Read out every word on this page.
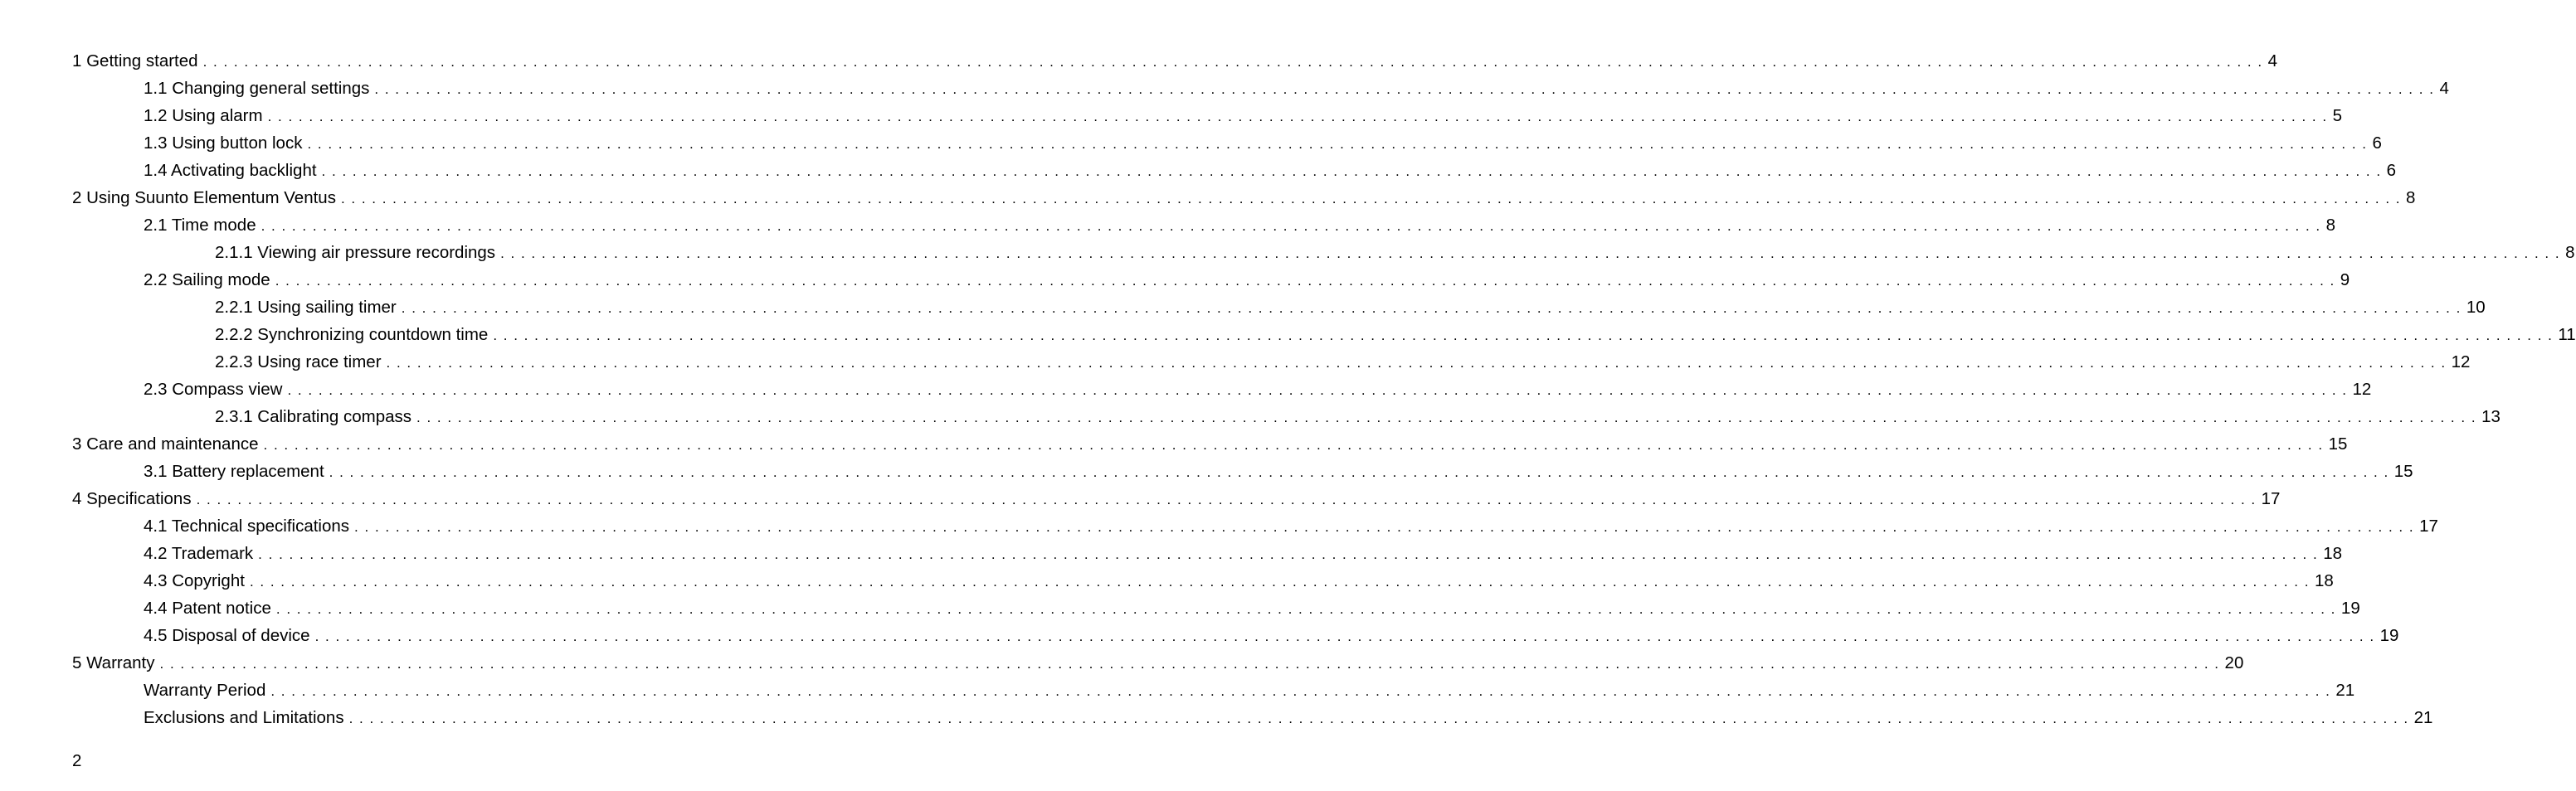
1 Getting started . . . . . . . . . . . . . . . . . . . . . . . . . . . . . . . . . . . . . . . . . . . . . . . . . . . . . . . . . . . . . . . . . . . . . . . . . . . . . . . . . . . . . . . . . . . . . . . . . . . . . . . . . . . . . . . . . . . . . . . . . . . . . . . . . . . . . . . . . . . . . . . . . . . . . . . . . . . . . . . . . . . . . . . . . . . . . . . . . . . . . . . . . . . . . . . . . . . . . . . . 4
1.1 Changing general settings . . . . . . . . . . . . . . . . . . . . . . . . . . . . . . . . . . . . . . . . . . . . . . . . . . . . . . . . . . . . . . . . . . . . . . . . . . . . . . . . . . . . . . . . . . . . . . . . . . . . . . . . . . . . . . . . . . . . . . . . . . . . . . . . . . . . . . . . . . . . . . . . . . . . . . . . . . . . . . . . . . . . . . . . . . . . . . . . . . . . . . . . . . . . . . . . . . . . . . . . 4
1.2 Using alarm . . . . . . . . . . . . . . . . . . . . . . . . . . . . . . . . . . . . . . . . . . . . . . . . . . . . . . . . . . . . . . . . . . . . . . . . . . . . . . . . . . . . . . . . . . . . . . . . . . . . . . . . . . . . . . . . . . . . . . . . . . . . . . . . . . . . . . . . . . . . . . . . . . . . . . . . . . . . . . . . . . . . . . . . . . . . . . . . . . . . . . . . . . . . . . . . . . . . . . . . 5
1.3 Using button lock . . . . . . . . . . . . . . . . . . . . . . . . . . . . . . . . . . . . . . . . . . . . . . . . . . . . . . . . . . . . . . . . . . . . . . . . . . . . . . . . . . . . . . . . . . . . . . . . . . . . . . . . . . . . . . . . . . . . . . . . . . . . . . . . . . . . . . . . . . . . . . . . . . . . . . . . . . . . . . . . . . . . . . . . . . . . . . . . . . . . . . . . . . . . . . . . . . . . . . . . 6
1.4 Activating backlight . . . . . . . . . . . . . . . . . . . . . . . . . . . . . . . . . . . . . . . . . . . . . . . . . . . . . . . . . . . . . . . . . . . . . . . . . . . . . . . . . . . . . . . . . . . . . . . . . . . . . . . . . . . . . . . . . . . . . . . . . . . . . . . . . . . . . . . . . . . . . . . . . . . . . . . . . . . . . . . . . . . . . . . . . . . . . . . . . . . . . . . . . . . . . . . . . . . . . . . . 6
2 Using Suunto Elementum Ventus . . . . . . . . . . . . . . . . . . . . . . . . . . . . . . . . . . . . . . . . . . . . . . . . . . . . . . . . . . . . . . . . . . . . . . . . . . . . . . . . . . . . . . . . . . . . . . . . . . . . . . . . . . . . . . . . . . . . . . . . . . . . . . . . . . . . . . . . . . . . . . . . . . . . . . . . . . . . . . . . . . . . . . . . . . . . . . . . . . . . . . . . . . . . . . . . . . . . . . . . 8
2.1 Time mode . . . . . . . . . . . . . . . . . . . . . . . . . . . . . . . . . . . . . . . . . . . . . . . . . . . . . . . . . . . . . . . . . . . . . . . . . . . . . . . . . . . . . . . . . . . . . . . . . . . . . . . . . . . . . . . . . . . . . . . . . . . . . . . . . . . . . . . . . . . . . . . . . . . . . . . . . . . . . . . . . . . . . . . . . . . . . . . . . . . . . . . . . . . . . . . . . . . . . . . . 8
2.1.1 Viewing air pressure recordings . . . . . . . . . . . . . . . . . . . . . . . . . . . . . . . . . . . . . . . . . . . . . . . . . . . . . . . . . . . . . . . . . . . . . . . . . . . . . . . . . . . . . . . . . . . . . . . . . . . . . . . . . . . . . . . . . . . . . . . . . . . . . . . . . . . . . . . . . . . . . . . . . . . . . . . . . . . . . . . . . . . . . . . . . . . . . . . . . . . . . . . . . . . . . . . . . . . . . . . . 8
2.2 Sailing mode . . . . . . . . . . . . . . . . . . . . . . . . . . . . . . . . . . . . . . . . . . . . . . . . . . . . . . . . . . . . . . . . . . . . . . . . . . . . . . . . . . . . . . . . . . . . . . . . . . . . . . . . . . . . . . . . . . . . . . . . . . . . . . . . . . . . . . . . . . . . . . . . . . . . . . . . . . . . . . . . . . . . . . . . . . . . . . . . . . . . . . . . . . . . . . . . . . . . . . . . 9
2.2.1 Using sailing timer . . . . . . . . . . . . . . . . . . . . . . . . . . . . . . . . . . . . . . . . . . . . . . . . . . . . . . . . . . . . . . . . . . . . . . . . . . . . . . . . . . . . . . . . . . . . . . . . . . . . . . . . . . . . . . . . . . . . . . . . . . . . . . . . . . . . . . . . . . . . . . . . . . . . . . . . . . . . . . . . . . . . . . . . . . . . . . . . . . . . . . . . . . . . . . . . . . . . . . . . 10
2.2.2 Synchronizing countdown time . . . . . . . . . . . . . . . . . . . . . . . . . . . . . . . . . . . . . . . . . . . . . . . . . . . . . . . . . . . . . . . . . . . . . . . . . . . . . . . . . . . . . . . . . . . . . . . . . . . . . . . . . . . . . . . . . . . . . . . . . . . . . . . . . . . . . . . . . . . . . . . . . . . . . . . . . . . . . . . . . . . . . . . . . . . . . . . . . . . . . . . . . . . . . . . . . . . . . . . . 11
2.2.3 Using race timer . . . . . . . . . . . . . . . . . . . . . . . . . . . . . . . . . . . . . . . . . . . . . . . . . . . . . . . . . . . . . . . . . . . . . . . . . . . . . . . . . . . . . . . . . . . . . . . . . . . . . . . . . . . . . . . . . . . . . . . . . . . . . . . . . . . . . . . . . . . . . . . . . . . . . . . . . . . . . . . . . . . . . . . . . . . . . . . . . . . . . . . . . . . . . . . . . . . . . . . . 12
2.3 Compass view . . . . . . . . . . . . . . . . . . . . . . . . . . . . . . . . . . . . . . . . . . . . . . . . . . . . . . . . . . . . . . . . . . . . . . . . . . . . . . . . . . . . . . . . . . . . . . . . . . . . . . . . . . . . . . . . . . . . . . . . . . . . . . . . . . . . . . . . . . . . . . . . . . . . . . . . . . . . . . . . . . . . . . . . . . . . . . . . . . . . . . . . . . . . . . . . . . . . . . . . 12
2.3.1 Calibrating compass . . . . . . . . . . . . . . . . . . . . . . . . . . . . . . . . . . . . . . . . . . . . . . . . . . . . . . . . . . . . . . . . . . . . . . . . . . . . . . . . . . . . . . . . . . . . . . . . . . . . . . . . . . . . . . . . . . . . . . . . . . . . . . . . . . . . . . . . . . . . . . . . . . . . . . . . . . . . . . . . . . . . . . . . . . . . . . . . . . . . . . . . . . . . . . . . . . . . . . . . 13
3 Care and maintenance . . . . . . . . . . . . . . . . . . . . . . . . . . . . . . . . . . . . . . . . . . . . . . . . . . . . . . . . . . . . . . . . . . . . . . . . . . . . . . . . . . . . . . . . . . . . . . . . . . . . . . . . . . . . . . . . . . . . . . . . . . . . . . . . . . . . . . . . . . . . . . . . . . . . . . . . . . . . . . . . . . . . . . . . . . . . . . . . . . . . . . . . . . . . . . . . . . . . . . . . 15
3.1 Battery replacement . . . . . . . . . . . . . . . . . . . . . . . . . . . . . . . . . . . . . . . . . . . . . . . . . . . . . . . . . . . . . . . . . . . . . . . . . . . . . . . . . . . . . . . . . . . . . . . . . . . . . . . . . . . . . . . . . . . . . . . . . . . . . . . . . . . . . . . . . . . . . . . . . . . . . . . . . . . . . . . . . . . . . . . . . . . . . . . . . . . . . . . . . . . . . . . . . . . . . . . . 15
4 Specifications . . . . . . . . . . . . . . . . . . . . . . . . . . . . . . . . . . . . . . . . . . . . . . . . . . . . . . . . . . . . . . . . . . . . . . . . . . . . . . . . . . . . . . . . . . . . . . . . . . . . . . . . . . . . . . . . . . . . . . . . . . . . . . . . . . . . . . . . . . . . . . . . . . . . . . . . . . . . . . . . . . . . . . . . . . . . . . . . . . . . . . . . . . . . . . . . . . . . . . . . 17
4.1 Technical specifications . . . . . . . . . . . . . . . . . . . . . . . . . . . . . . . . . . . . . . . . . . . . . . . . . . . . . . . . . . . . . . . . . . . . . . . . . . . . . . . . . . . . . . . . . . . . . . . . . . . . . . . . . . . . . . . . . . . . . . . . . . . . . . . . . . . . . . . . . . . . . . . . . . . . . . . . . . . . . . . . . . . . . . . . . . . . . . . . . . . . . . . . . . . . . . . . . . . . . . . . 17
4.2 Trademark . . . . . . . . . . . . . . . . . . . . . . . . . . . . . . . . . . . . . . . . . . . . . . . . . . . . . . . . . . . . . . . . . . . . . . . . . . . . . . . . . . . . . . . . . . . . . . . . . . . . . . . . . . . . . . . . . . . . . . . . . . . . . . . . . . . . . . . . . . . . . . . . . . . . . . . . . . . . . . . . . . . . . . . . . . . . . . . . . . . . . . . . . . . . . . . . . . . . . . . . 18
4.3 Copyright . . . . . . . . . . . . . . . . . . . . . . . . . . . . . . . . . . . . . . . . . . . . . . . . . . . . . . . . . . . . . . . . . . . . . . . . . . . . . . . . . . . . . . . . . . . . . . . . . . . . . . . . . . . . . . . . . . . . . . . . . . . . . . . . . . . . . . . . . . . . . . . . . . . . . . . . . . . . . . . . . . . . . . . . . . . . . . . . . . . . . . . . . . . . . . . . . . . . . . . . 18
4.4 Patent notice . . . . . . . . . . . . . . . . . . . . . . . . . . . . . . . . . . . . . . . . . . . . . . . . . . . . . . . . . . . . . . . . . . . . . . . . . . . . . . . . . . . . . . . . . . . . . . . . . . . . . . . . . . . . . . . . . . . . . . . . . . . . . . . . . . . . . . . . . . . . . . . . . . . . . . . . . . . . . . . . . . . . . . . . . . . . . . . . . . . . . . . . . . . . . . . . . . . . . . . . 19
4.5 Disposal of device . . . . . . . . . . . . . . . . . . . . . . . . . . . . . . . . . . . . . . . . . . . . . . . . . . . . . . . . . . . . . . . . . . . . . . . . . . . . . . . . . . . . . . . . . . . . . . . . . . . . . . . . . . . . . . . . . . . . . . . . . . . . . . . . . . . . . . . . . . . . . . . . . . . . . . . . . . . . . . . . . . . . . . . . . . . . . . . . . . . . . . . . . . . . . . . . . . . . . . . . 19
5 Warranty . . . . . . . . . . . . . . . . . . . . . . . . . . . . . . . . . . . . . . . . . . . . . . . . . . . . . . . . . . . . . . . . . . . . . . . . . . . . . . . . . . . . . . . . . . . . . . . . . . . . . . . . . . . . . . . . . . . . . . . . . . . . . . . . . . . . . . . . . . . . . . . . . . . . . . . . . . . . . . . . . . . . . . . . . . . . . . . . . . . . . . . . . . . . . . . . . . . . . . . . 20
Warranty Period . . . . . . . . . . . . . . . . . . . . . . . . . . . . . . . . . . . . . . . . . . . . . . . . . . . . . . . . . . . . . . . . . . . . . . . . . . . . . . . . . . . . . . . . . . . . . . . . . . . . . . . . . . . . . . . . . . . . . . . . . . . . . . . . . . . . . . . . . . . . . . . . . . . . . . . . . . . . . . . . . . . . . . . . . . . . . . . . . . . . . . . . . . . . . . . . . . . . . . . . 21
Exclusions and Limitations . . . . . . . . . . . . . . . . . . . . . . . . . . . . . . . . . . . . . . . . . . . . . . . . . . . . . . . . . . . . . . . . . . . . . . . . . . . . . . . . . . . . . . . . . . . . . . . . . . . . . . . . . . . . . . . . . . . . . . . . . . . . . . . . . . . . . . . . . . . . . . . . . . . . . . . . . . . . . . . . . . . . . . . . . . . . . . . . . . . . . . . . . . . . . . . . . . . . . . . . 21
2
